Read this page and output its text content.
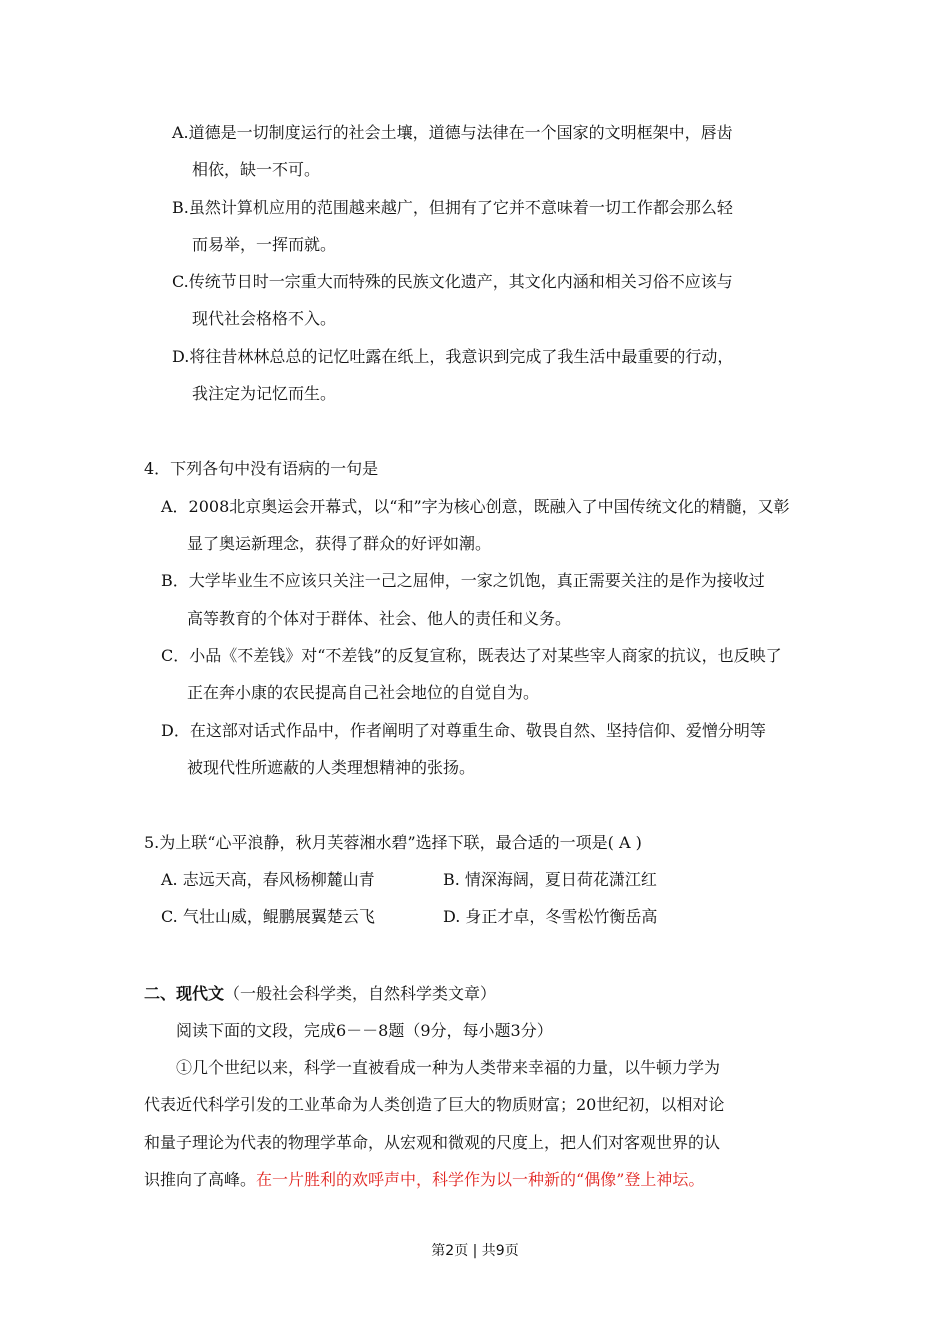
A.道德是一切制度运行的社会土壤，道德与法律在一个国家的文明框架中，唇齿
相依，缺一不可。
B.虽然计算机应用的范围越来越广，但拥有了它并不意味着一切工作都会那么轻
而易举，一挥而就。
C.传统节日时一宗重大而特殊的民族文化遗产，其文化内涵和相关习俗不应该与
现代社会格格不入。
D.将往昔林林总总的记忆吐露在纸上，我意识到完成了我生活中最重要的行动，
我注定为记忆而生。
4．下列各句中没有语病的一句是
A．2008北京奥运会开幕式，以“和”字为核心创意，既融入了中国传统文化的精髓，又彰
显了奥运新理念，获得了群众的好评如潮。
B．大学毕业生不应该只关注一己之屈伸，一家之饥饱，真正需要关注的是作为接收过
高等教育的个体对于群体、社会、他人的责任和义务。
C．小品《不差钱》对“不差钱”的反复宣称，既表达了对某些宰人商家的抗议，也反映了
正在奔小康的农民提高自己社会地位的自觉自为。
D．在这部对话式作品中，作者阐明了对尊重生命、敬畏自然、坚持信仰、爱憎分明等
被现代性所遮蔽的人类理想精神的张扬。
5.为上联“心平浪静，秋月芙蓉湘水碧”选择下联，最合适的一项是( A )
A. 志远天高，春风杨柳麓山青	B. 情深海阔，夏日荷花潇江红
C. 气壮山威，鲲鹏展翼楚云飞	D. 身正才卓，冬雪松竹衡岳高
二、现代文（一般社会科学类，自然科学类文章）
阅读下面的文段，完成6－－8题（9分，每小题3分）
①几个世纪以来，科学一直被看成一种为人类带来幸福的力量，以牛顿力学为
代表近代科学引发的工业革命为人类创造了巨大的物质财富；20世纪初，以相对论
和量子理论为代表的物理学革命，从宏观和微观的尺度上，把人们对客观世界的认
识推向了高峰。在一片胜利的欢呼声中，科学作为以一种新的“偶像”登上神坛。
第2页 | 共9页
